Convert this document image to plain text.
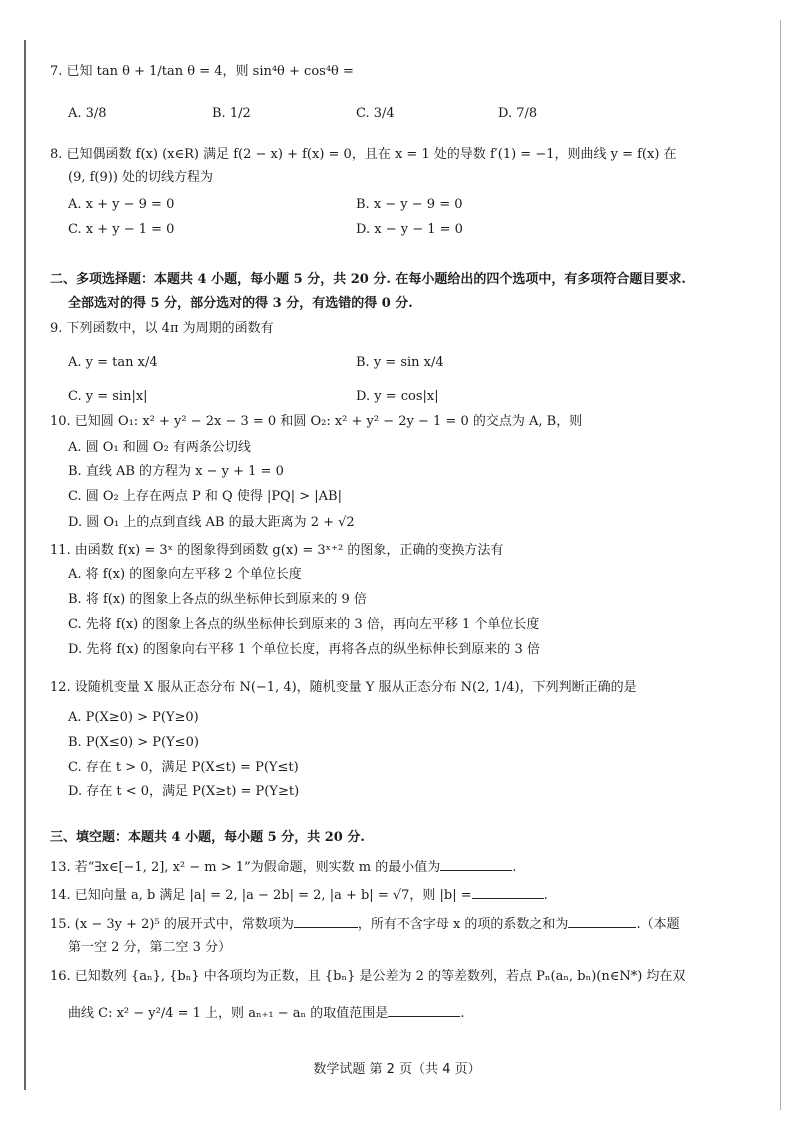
7. 已知 tan θ + 1/tan θ = 4，则 sin⁴θ + cos⁴θ =
A. 3/8	B. 1/2	C. 3/4	D. 7/8
8. 已知偶函数 f(x) (x∈R) 满足 f(2 − x) + f(x) = 0，且在 x = 1 处的导数 f′(1) = −1，则曲线 y = f(x) 在
(9, f(9)) 处的切线方程为
A. x + y − 9 = 0	B. x − y − 9 = 0
C. x + y − 1 = 0	D. x − y − 1 = 0
二、多项选择题：本题共 4 小题，每小题 5 分，共 20 分. 在每小题给出的四个选项中，有多项符合题目要求.
全部选对的得 5 分，部分选对的得 3 分，有选错的得 0 分.
9. 下列函数中，以 4π 为周期的函数有
A. y = tan x/4	B. y = sin x/4
C. y = sin|x|	D. y = cos|x|
10. 已知圆 O₁: x² + y² − 2x − 3 = 0 和圆 O₂: x² + y² − 2y − 1 = 0 的交点为 A, B，则
A. 圆 O₁ 和圆 O₂ 有两条公切线
B. 直线 AB 的方程为 x − y + 1 = 0
C. 圆 O₂ 上存在两点 P 和 Q 使得 |PQ| > |AB|
D. 圆 O₁ 上的点到直线 AB 的最大距离为 2 + √2
11. 由函数 f(x) = 3ˣ 的图象得到函数 g(x) = 3ˣ⁺² 的图象，正确的变换方法有
A. 将 f(x) 的图象向左平移 2 个单位长度
B. 将 f(x) 的图象上各点的纵坐标伸长到原来的 9 倍
C. 先将 f(x) 的图象上各点的纵坐标伸长到原来的 3 倍，再向左平移 1 个单位长度
D. 先将 f(x) 的图象向右平移 1 个单位长度，再将各点的纵坐标伸长到原来的 3 倍
12. 设随机变量 X 服从正态分布 N(−1, 4)，随机变量 Y 服从正态分布 N(2, 1/4)，下列判断正确的是
A. P(X≥0) > P(Y≥0)
B. P(X≤0) > P(Y≤0)
C. 存在 t > 0，满足 P(X≤t) = P(Y≤t)
D. 存在 t < 0，满足 P(X≥t) = P(Y≥t)
三、填空题：本题共 4 小题，每小题 5 分，共 20 分.
13. 若“∃x∈[−1, 2], x² − m > 1”为假命题，则实数 m 的最小值为	.
14. 已知向量 a, b 满足 |a| = 2, |a − 2b| = 2, |a + b| = √7，则 |b| =	.
15. (x − 3y + 2)⁵ 的展开式中，常数项为	，所有不含字母 x 的项的系数之和为	.（本题
第一空 2 分，第二空 3 分）
16. 已知数列 {aₙ}, {bₙ} 中各项均为正数，且 {bₙ} 是公差为 2 的等差数列，若点 Pₙ(aₙ, bₙ)(n∈N*) 均在双
曲线 C: x² − y²/4 = 1 上，则 aₙ₊₁ − aₙ 的取值范围是	.
数学试题 第 2 页（共 4 页）
